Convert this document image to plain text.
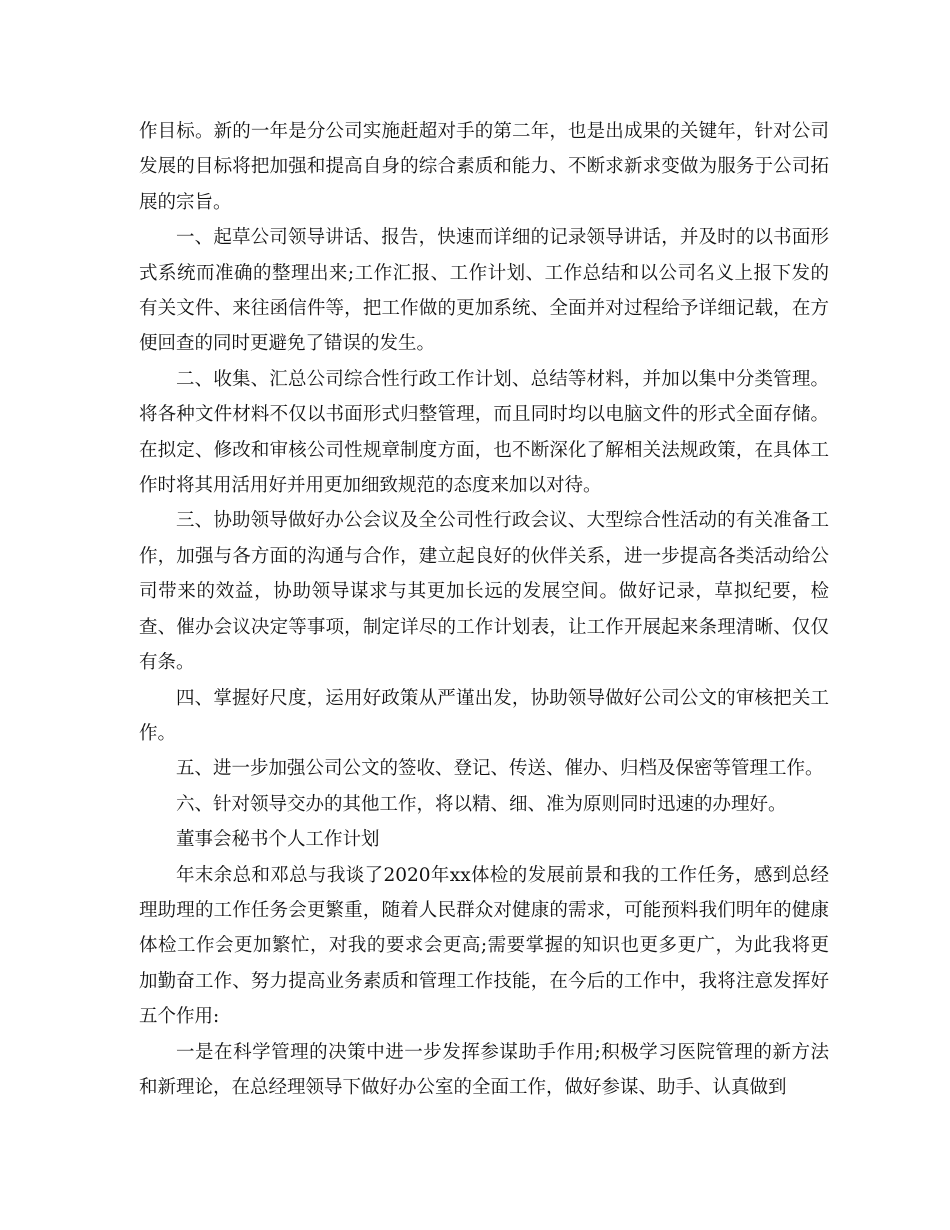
作目标。新的一年是分公司实施赶超对手的第二年，也是出成果的关键年，针对公司发展的目标将把加强和提高自身的综合素质和能力、不断求新求变做为服务于公司拓展的宗旨。

一、起草公司领导讲话、报告，快速而详细的记录领导讲话，并及时的以书面形式系统而准确的整理出来;工作汇报、工作计划、工作总结和以公司名义上报下发的有关文件、来往函信件等，把工作做的更加系统、全面并对过程给予详细记载，在方便回查的同时更避免了错误的发生。

二、收集、汇总公司综合性行政工作计划、总结等材料，并加以集中分类管理。将各种文件材料不仅以书面形式归整管理，而且同时均以电脑文件的形式全面存储。在拟定、修改和审核公司性规章制度方面，也不断深化了解相关法规政策，在具体工作时将其用活用好并用更加细致规范的态度来加以对待。

三、协助领导做好办公会议及全公司性行政会议、大型综合性活动的有关准备工作，加强与各方面的沟通与合作，建立起良好的伙伴关系，进一步提高各类活动给公司带来的效益，协助领导谋求与其更加长远的发展空间。做好记录，草拟纪要，检查、催办会议决定等事项，制定详尽的工作计划表，让工作开展起来条理清晰、仅仅有条。

四、掌握好尺度，运用好政策从严谨出发，协助领导做好公司公文的审核把关工作。

五、进一步加强公司公文的签收、登记、传送、催办、归档及保密等管理工作。

六、针对领导交办的其他工作，将以精、细、准为原则同时迅速的办理好。

董事会秘书个人工作计划

年末余总和邓总与我谈了2020年xx体检的发展前景和我的工作任务，感到总经理助理的工作任务会更繁重，随着人民群众对健康的需求，可能预料我们明年的健康体检工作会更加繁忙，对我的要求会更高;需要掌握的知识也更多更广，为此我将更加勤奋工作、努力提高业务素质和管理工作技能，在今后的工作中，我将注意发挥好五个作用:

一是在科学管理的决策中进一步发挥参谋助手作用;积极学习医院管理的新方法和新理论，在总经理领导下做好办公室的全面工作，做好参谋、助手、认真做到
